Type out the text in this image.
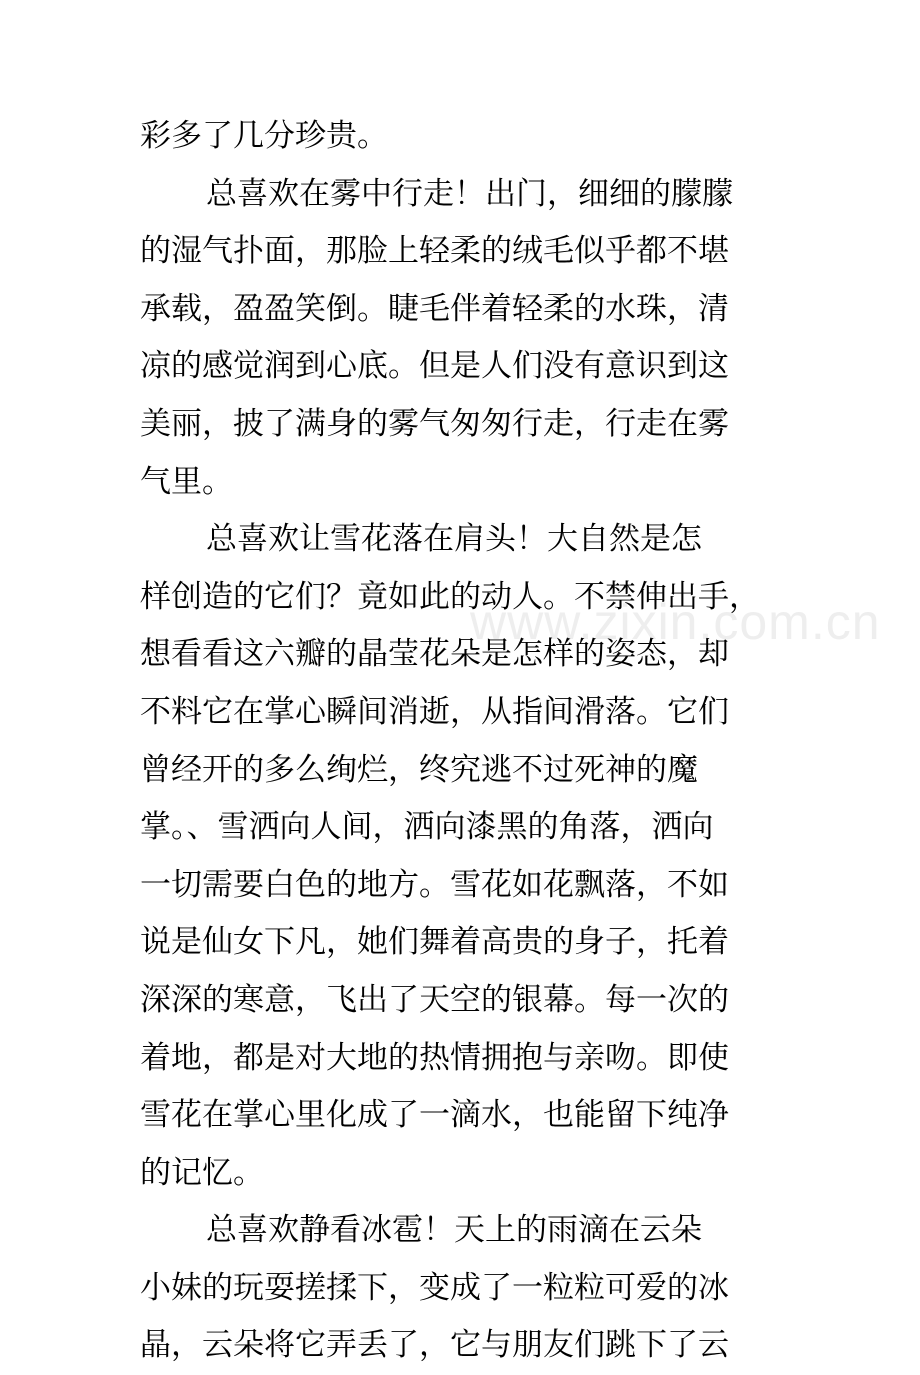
彩多了几分珍贵。
总喜欢在雾中行走！出门，细细的朦朦
的湿气扑面，那脸上轻柔的绒毛似乎都不堪
承载，盈盈笑倒。睫毛伴着轻柔的水珠，清
凉的感觉润到心底。但是人们没有意识到这
美丽，披了满身的雾气匆匆行走，行走在雾
气里。
总喜欢让雪花落在肩头！大自然是怎
样创造的它们？竟如此的动人。不禁伸出手，
想看看这六瓣的晶莹花朵是怎样的姿态，却
不料它在掌心瞬间消逝，从指间滑落。它们
曾经开的多么绚烂，终究逃不过死神的魔
掌。、雪洒向人间，洒向漆黑的角落，洒向
一切需要白色的地方。雪花如花飘落，不如
说是仙女下凡，她们舞着高贵的身子，托着
深深的寒意，飞出了天空的银幕。每一次的
着地，都是对大地的热情拥抱与亲吻。即使
雪花在掌心里化成了一滴水，也能留下纯净
的记忆。
总喜欢静看冰雹！天上的雨滴在云朵
小妹的玩耍搓揉下，变成了一粒粒可爱的冰
晶，云朵将它弄丢了，它与朋友们跳下了云
www.zixin.com.cn
